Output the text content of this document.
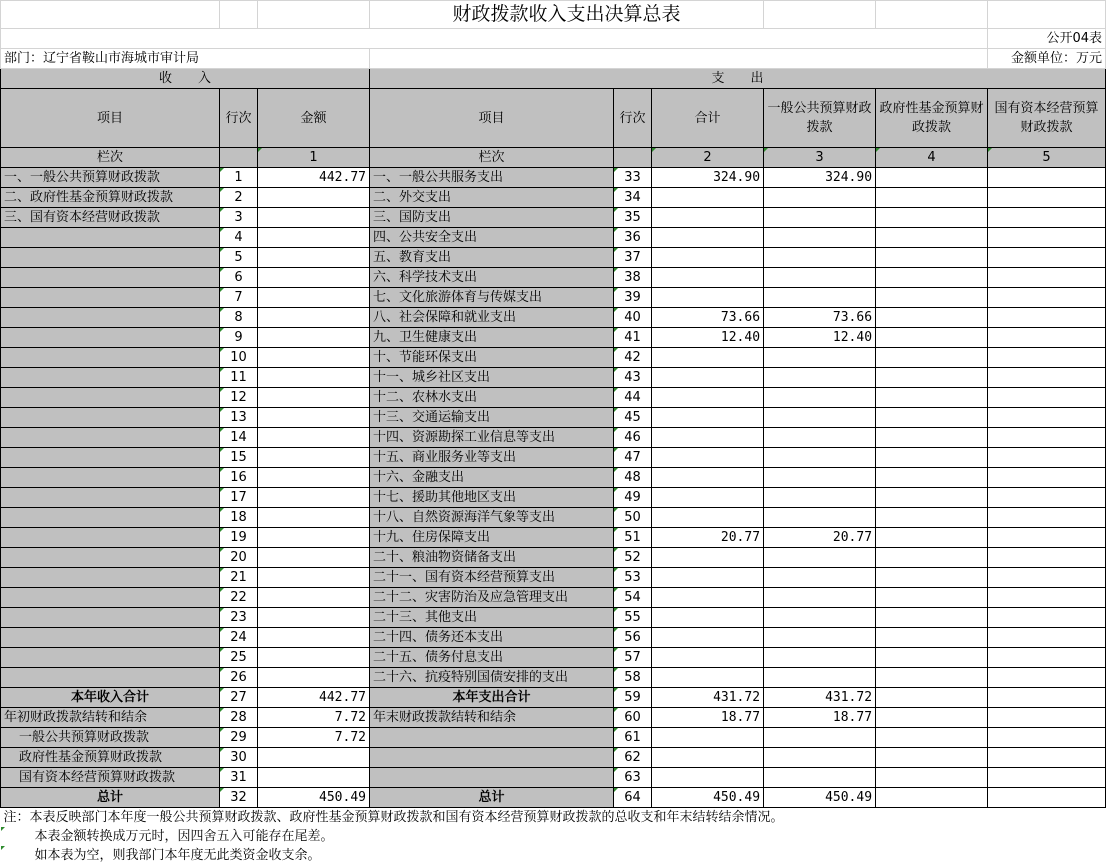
			财政拨款收入支出决算总表					
								公开04表
部门：辽宁省鞍山市海城市审计局								金额单位：万元
收　　入			支　　出					
项目	行次	金额	项目	行次	合计	一般公共预算财政拨款	政府性基金预算财政拨款	国有资本经营预算财政拨款
栏次		1	栏次		2	3	4	5
一、一般公共预算财政拨款	1	442.77	一、一般公共服务支出	33	324.90	324.90		
二、政府性基金预算财政拨款	2		二、外交支出	34				
三、国有资本经营财政拨款	3		三、国防支出	35				
	4		四、公共安全支出	36				
	5		五、教育支出	37				
	6		六、科学技术支出	38				
	7		七、文化旅游体育与传媒支出	39				
	8		八、社会保障和就业支出	40	73.66	73.66		
	9		九、卫生健康支出	41	12.40	12.40		
	10		十、节能环保支出	42				
	11		十一、城乡社区支出	43				
	12		十二、农林水支出	44				
	13		十三、交通运输支出	45				
	14		十四、资源勘探工业信息等支出	46				
	15		十五、商业服务业等支出	47				
	16		十六、金融支出	48				
	17		十七、援助其他地区支出	49				
	18		十八、自然资源海洋气象等支出	50				
	19		十九、住房保障支出	51	20.77	20.77		
	20		二十、粮油物资储备支出	52				
	21		二十一、国有资本经营预算支出	53				
	22		二十二、灾害防治及应急管理支出	54				
	23		二十三、其他支出	55				
	24		二十四、债务还本支出	56				
	25		二十五、债务付息支出	57				
	26		二十六、抗疫特别国债安排的支出	58				
本年收入合计	27	442.77	本年支出合计	59	431.72	431.72		
年初财政拨款结转和结余	28	7.72	年末财政拨款结转和结余	60	18.77	18.77		
一般公共预算财政拨款	29	7.72		61				
政府性基金预算财政拨款	30			62				
国有资本经营预算财政拨款	31			63				
总计	32	450.49	总计	64	450.49	450.49		
注：本表反映部门本年度一般公共预算财政拨款、政府性基金预算财政拨款和国有资本经营预算财政拨款的总收支和年末结转结余情况。								
本表金额转换成万元时，因四舍五入可能存在尾差。								
如本表为空，则我部门本年度无此类资金收支余。								
